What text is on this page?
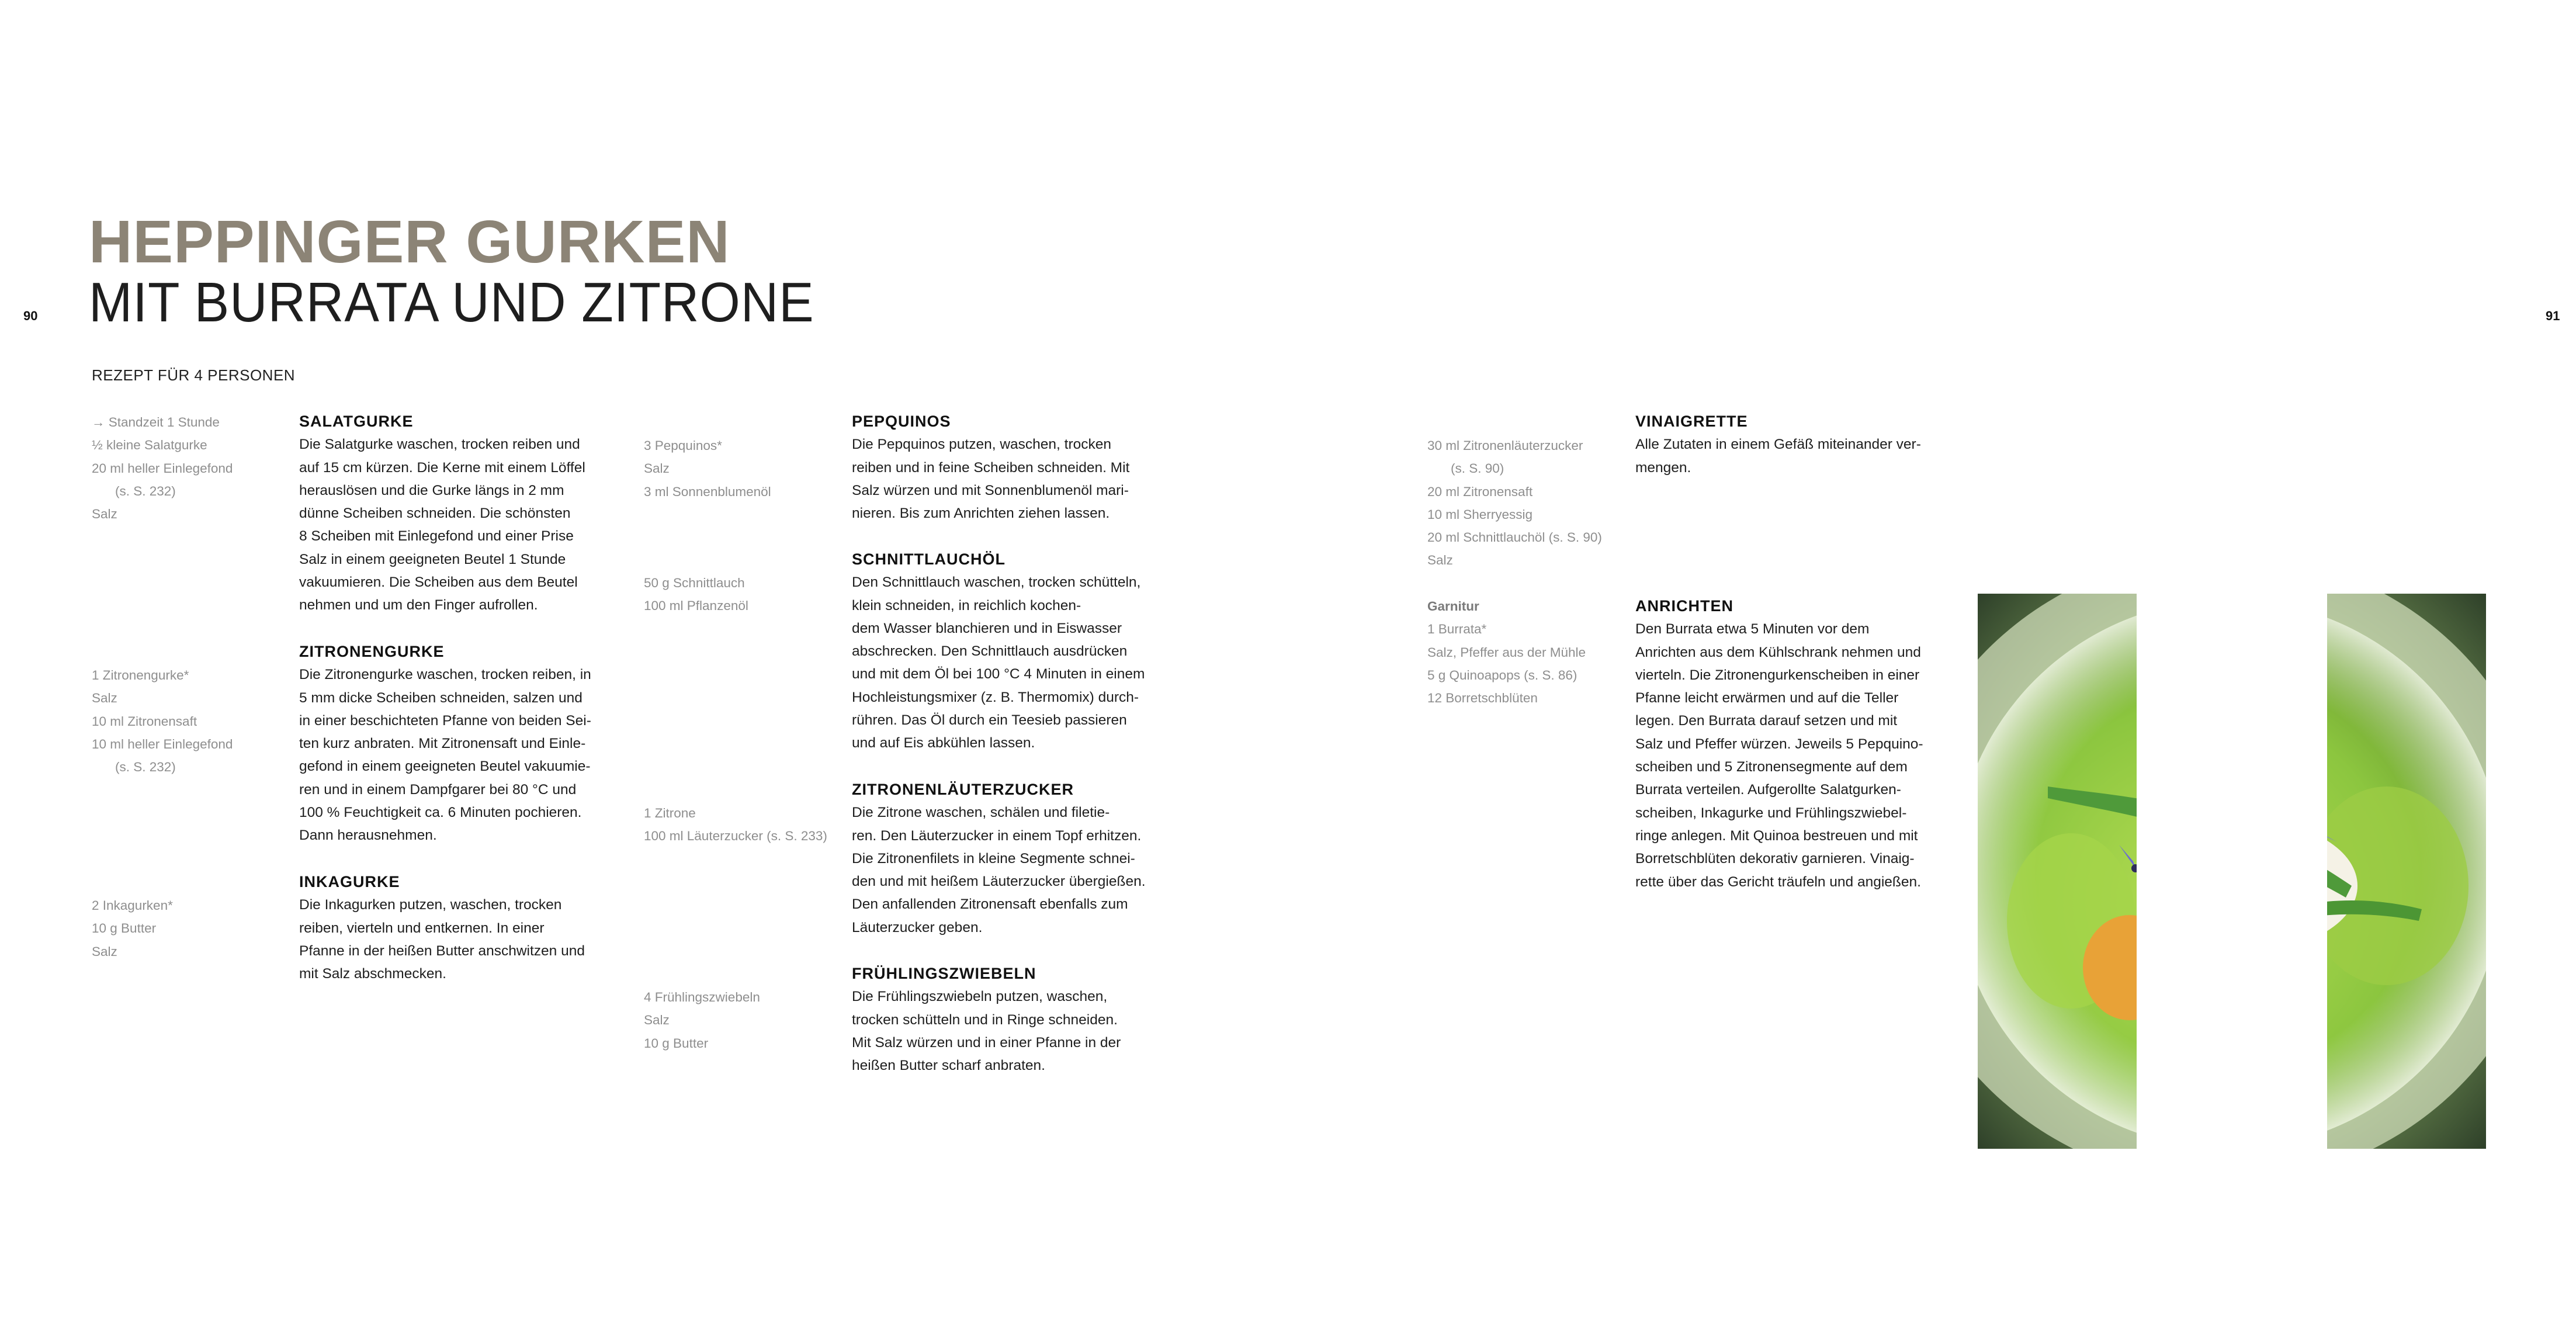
90	91
HEPPINGER GURKEN
MIT BURRATA UND ZITRONE
REZEPT FÜR 4 PERSONEN
→ Standzeit 1 Stunde
½ kleine Salatgurke
20 ml heller Einlegefond
(s. S. 232)
Salz
1 Zitronengurke*
Salz
10 ml Zitronensaft
10 ml heller Einlegefond
(s. S. 232)
2 Inkagurken*
10 g Butter
Salz
SALATGURKE

Die Salatgurke waschen, trocken reiben und
auf 15 cm kürzen. Die Kerne mit einem Löffel
herauslösen und die Gurke längs in 2 mm
dünne Scheiben schneiden. Die schönsten
8 Scheiben mit Einlegefond und einer Prise
Salz in einem geeigneten Beutel 1 Stunde
vakuumieren. Die Scheiben aus dem Beutel
nehmen und um den Finger aufrollen.

ZITRONENGURKE

Die Zitronengurke waschen, trocken reiben, in
5 mm dicke Scheiben schneiden, salzen und
in einer beschichteten Pfanne von beiden Sei-
ten kurz anbraten. Mit Zitronensaft und Einle-
gefond in einem geeigneten Beutel vakuumie-
ren und in einem Dampfgarer bei 80 °C und
100 % Feuchtigkeit ca. 6 Minuten pochieren.
Dann herausnehmen.

INKAGURKE

Die Inkagurken putzen, waschen, trocken
reiben, vierteln und entkernen. In einer
Pfanne in der heißen Butter anschwitzen und
mit Salz abschmecken.

3 Pepquinos*
Salz
3 ml Sonnenblumenöl
50 g Schnittlauch
100 ml Pflanzenöl
1 Zitrone
100 ml Läuterzucker (s. S. 233)
4 Frühlingszwiebeln
Salz
10 g Butter
PEPQUINOS

Die Pepquinos putzen, waschen, trocken
reiben und in feine Scheiben schneiden. Mit
Salz würzen und mit Sonnenblumenöl mari-
nieren. Bis zum Anrichten ziehen lassen.

SCHNITTLAUCHÖL

Den Schnittlauch waschen, trocken schütteln,
klein schneiden, in reichlich kochen-
dem Wasser blanchieren und in Eiswasser
abschrecken. Den Schnittlauch ausdrücken
und mit dem Öl bei 100 °C 4 Minuten in einem
Hochleistungsmixer (z. B. Thermomix) durch-
rühren. Das Öl durch ein Teesieb passieren
und auf Eis abkühlen lassen.

ZITRONENLÄUTERZUCKER

Die Zitrone waschen, schälen und filetie-
ren. Den Läuterzucker in einem Topf erhitzen.
Die Zitronenfilets in kleine Segmente schnei-
den und mit heißem Läuterzucker übergießen.
Den anfallenden Zitronensaft ebenfalls zum
Läuterzucker geben.

FRÜHLINGSZWIEBELN

Die Frühlingszwiebeln putzen, waschen,
trocken schütteln und in Ringe schneiden.
Mit Salz würzen und in einer Pfanne in der
heißen Butter scharf anbraten.

30 ml Zitronenläuterzucker
(s. S. 90)
20 ml Zitronensaft
10 ml Sherryessig
20 ml Schnittlauchöl (s. S. 90)
Salz
Garnitur
1 Burrata*
Salz, Pfeffer aus der Mühle
5 g Quinoapops (s. S. 86)
12 Borretschblüten
VINAIGRETTE

Alle Zutaten in einem Gefäß miteinander ver-
mengen.

ANRICHTEN

Den Burrata etwa 5 Minuten vor dem
Anrichten aus dem Kühlschrank nehmen und
vierteln. Die Zitronengurkenscheiben in einer
Pfanne leicht erwärmen und auf die Teller
legen. Den Burrata darauf setzen und mit
Salz und Pfeffer würzen. Jeweils 5 Pepquino-
scheiben und 5 Zitronensegmente auf dem
Burrata verteilen. Aufgerollte Salatgurken-
scheiben, Inkagurke und Frühlingszwiebel-
ringe anlegen. Mit Quinoa bestreuen und mit
Borretschblüten dekorativ garnieren. Vinaig-
rette über das Gericht träufeln und angießen.
